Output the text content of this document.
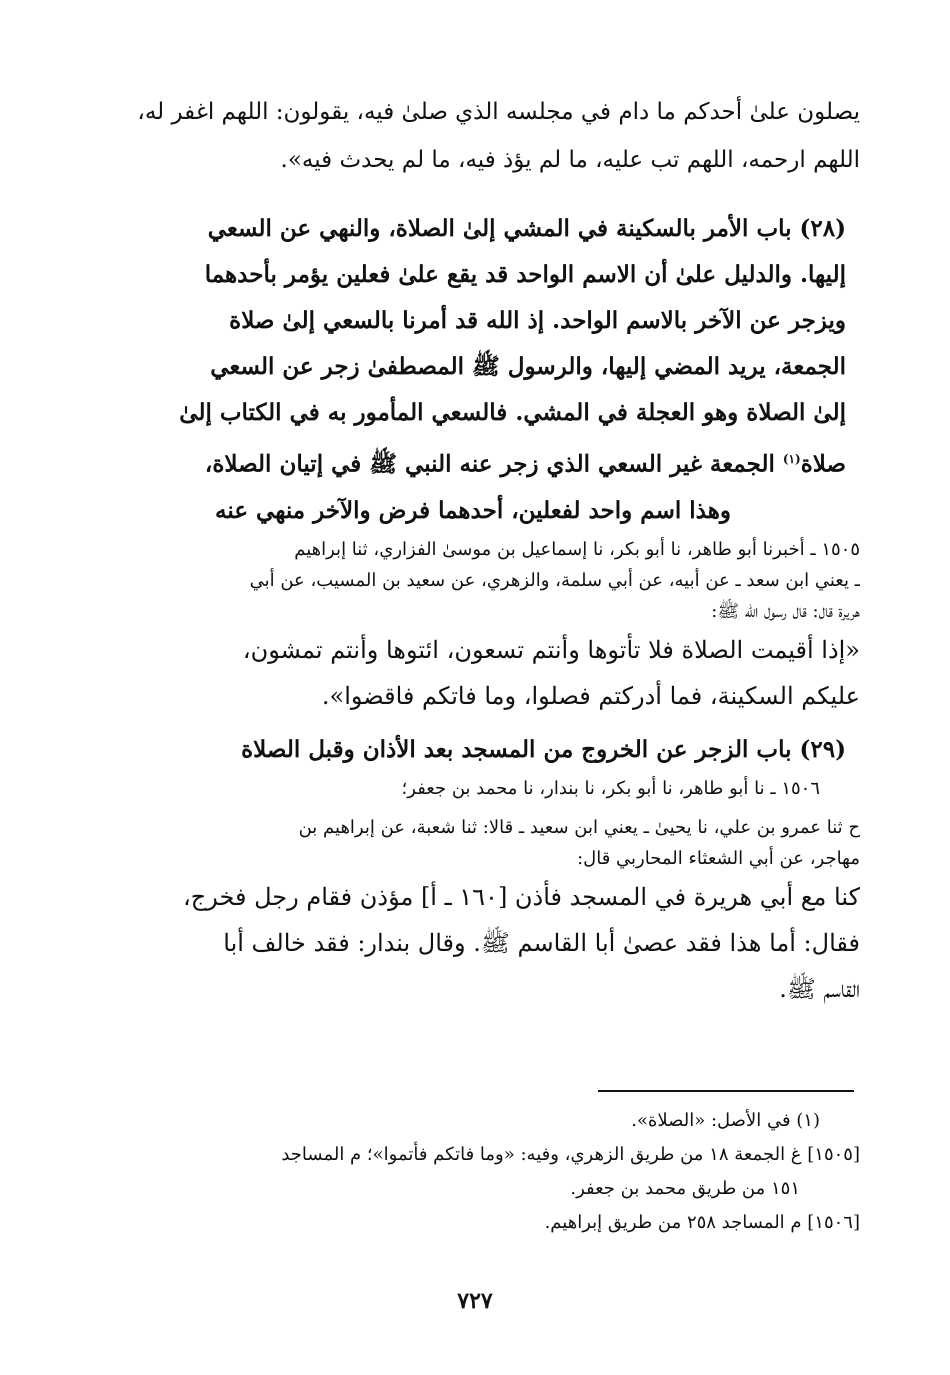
يصلون علىٰ أحدكم ما دام في مجلسه الذي صلىٰ فيه، يقولون: اللهم اغفر له،
اللهم ارحمه، اللهم تب عليه، ما لم يؤذ فيه، ما لم يحدث فيه».
(٢٨) باب الأمر بالسكينة في المشي إلىٰ الصلاة، والنهي عن السعي
إليها. والدليل علىٰ أن الاسم الواحد قد يقع علىٰ فعلين يؤمر بأحدهما
ويزجر عن الآخر بالاسم الواحد. إذ الله قد أمرنا بالسعي إلىٰ صلاة
الجمعة، يريد المضي إليها، والرسول ﷺ المصطفىٰ زجر عن السعي
إلىٰ الصلاة وهو العجلة في المشي. فالسعي المأمور به في الكتاب إلىٰ
صلاة$^{(١)}$ الجمعة غير السعي الذي زجر عنه النبي ﷺ في إتيان الصلاة،
وهذا اسم واحد لفعلين، أحدهما فرض والآخر منهي عنه
١٥٠٥ ـ أخبرنا أبو طاهر، نا أبو بكر، نا إسماعيل بن موسىٰ الفزاري، ثنا إبراهيم
ـ يعني ابن سعد ـ عن أبيه، عن أبي سلمة، والزهري، عن سعيد بن المسيب، عن أبي
هريرة قال: قال رسول الله ﷺ:
«إذا أقيمت الصلاة فلا تأتوها وأنتم تسعون، ائتوها وأنتم تمشون،
عليكم السكينة، فما أدركتم فصلوا، وما فاتكم فاقضوا».
(٢٩) باب الزجر عن الخروج من المسجد بعد الأذان وقبل الصلاة
١٥٠٦ ـ نا أبو طاهر، نا أبو بكر، نا بندار، نا محمد بن جعفر؛
ح ثنا عمرو بن علي، نا يحيىٰ ـ يعني ابن سعيد ـ قالا: ثنا شعبة، عن إبراهيم بن
مهاجر، عن أبي الشعثاء المحاربي قال:
كنا مع أبي هريرة في المسجد فأذن [١٦٠ ـ أ] مؤذن فقام رجل فخرج،
فقال: أما هذا فقد عصىٰ أبا القاسم ﷺ. وقال بندار: فقد خالف أبا
القاسم ﷺ.
(١) في الأصل: «الصلاة».
[١٥٠٥] غ الجمعة ١٨ من طريق الزهري، وفيه: «وما فاتكم فأتموا»؛ م المساجد
١٥١ من طريق محمد بن جعفر.
[١٥٠٦] م المساجد ٢٥٨ من طريق إبراهيم.
٧٢٧
